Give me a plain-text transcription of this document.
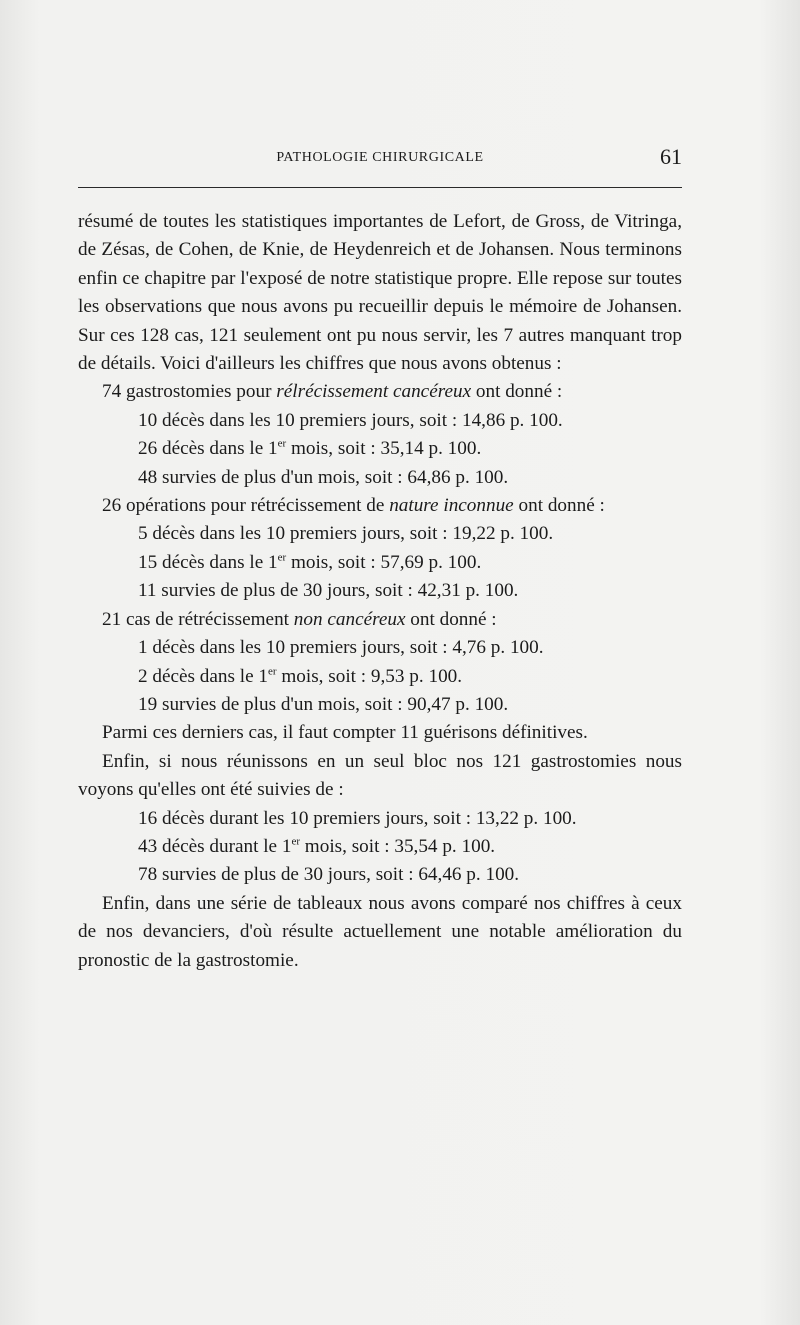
PATHOLOGIE CHIRURGICALE	61

résumé de toutes les statistiques importantes de Lefort, de Gross, de Vitringa, de Zésas, de Cohen, de Knie, de Heydenreich et de Johansen. Nous terminons enfin ce chapitre par l'exposé de notre statistique propre. Elle repose sur toutes les observations que nous avons pu recueillir depuis le mémoire de Johansen. Sur ces 128 cas, 121 seulement ont pu nous servir, les 7 autres manquant trop de détails. Voici d'ailleurs les chiffres que nous avons obtenus :

74 gastrostomies pour rélrécissement cancéreux ont donné :

10 décès dans les 10 premiers jours, soit : 14,86 p. 100.

26 décès dans le 1er mois, soit : 35,14 p. 100.

48 survies de plus d'un mois, soit : 64,86 p. 100.

26 opérations pour rétrécissement de nature inconnue ont donné :

5 décès dans les 10 premiers jours, soit : 19,22 p. 100.

15 décès dans le 1er mois, soit : 57,69 p. 100.

11 survies de plus de 30 jours, soit : 42,31 p. 100.

21 cas de rétrécissement non cancéreux ont donné :

1 décès dans les 10 premiers jours, soit : 4,76 p. 100.

2 décès dans le 1er mois, soit : 9,53 p. 100.

19 survies de plus d'un mois, soit : 90,47 p. 100.

Parmi ces derniers cas, il faut compter 11 guérisons définitives.

Enfin, si nous réunissons en un seul bloc nos 121 gastrostomies nous voyons qu'elles ont été suivies de :

16 décès durant les 10 premiers jours, soit : 13,22 p. 100.

43 décès durant le 1er mois, soit : 35,54 p. 100.

78 survies de plus de 30 jours, soit : 64,46 p. 100.

Enfin, dans une série de tableaux nous avons comparé nos chiffres à ceux de nos devanciers, d'où résulte actuellement une notable amélioration du pronostic de la gastrostomie.
